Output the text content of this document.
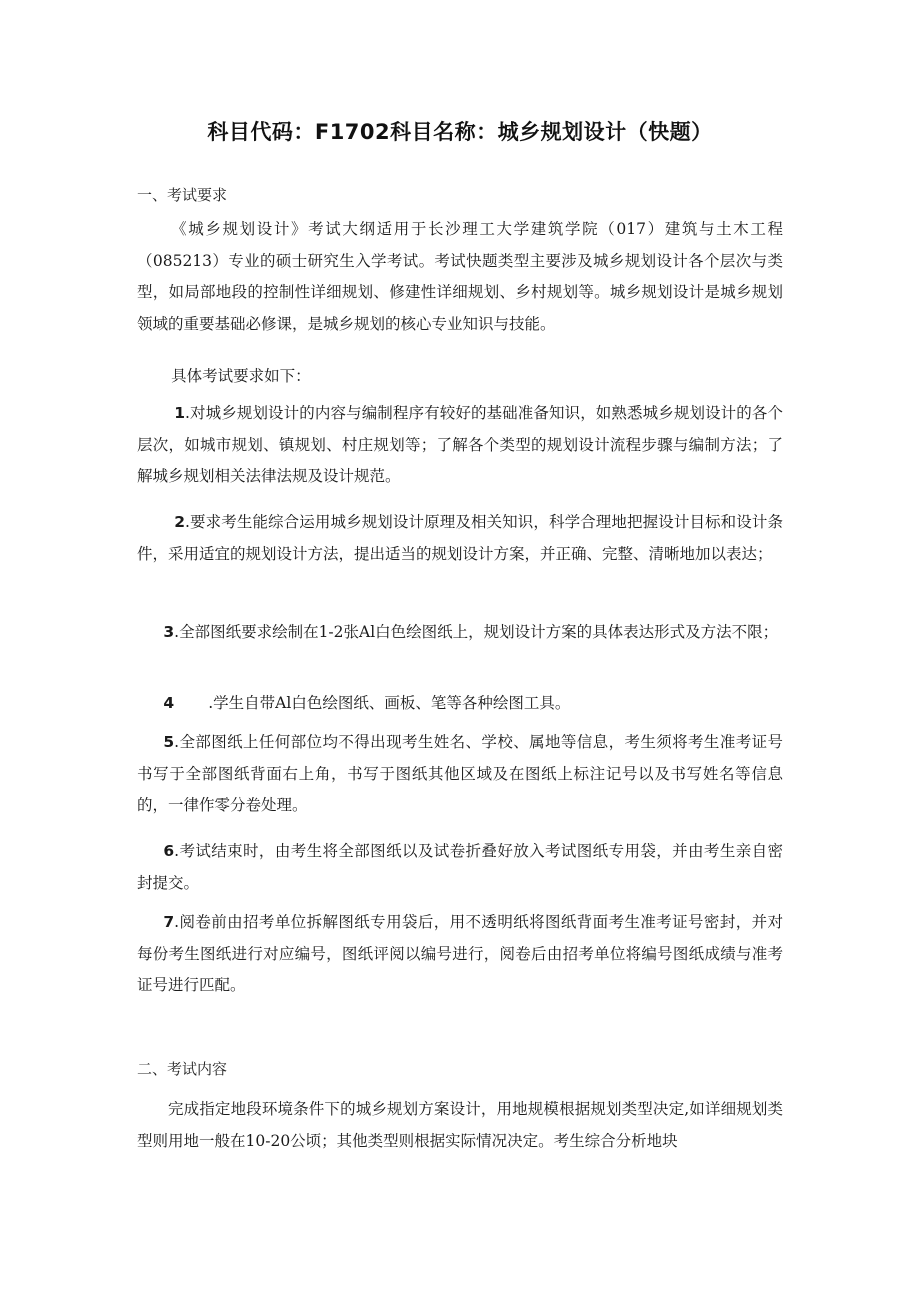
科目代码：F1702科目名称：城乡规划设计（快题）
一、考试要求
《城乡规划设计》考试大纲适用于长沙理工大学建筑学院（017）建筑与土木工程（085213）专业的硕士研究生入学考试。考试快题类型主要涉及城乡规划设计各个层次与类型，如局部地段的控制性详细规划、修建性详细规划、乡村规划等。城乡规划设计是城乡规划领域的重要基础必修课，是城乡规划的核心专业知识与技能。
具体考试要求如下：
1.对城乡规划设计的内容与编制程序有较好的基础准备知识，如熟悉城乡规划设计的各个层次，如城市规划、镇规划、村庄规划等；了解各个类型的规划设计流程步骤与编制方法；了解城乡规划相关法律法规及设计规范。
2.要求考生能综合运用城乡规划设计原理及相关知识，科学合理地把握设计目标和设计条件，采用适宜的规划设计方法，提出适当的规划设计方案，并正确、完整、清晰地加以表达；
3.全部图纸要求绘制在1-2张Al白色绘图纸上，规划设计方案的具体表达形式及方法不限；
4 .学生自带Al白色绘图纸、画板、笔等各种绘图工具。
5.全部图纸上任何部位均不得出现考生姓名、学校、属地等信息，考生须将考生准考证号书写于全部图纸背面右上角，书写于图纸其他区域及在图纸上标注记号以及书写姓名等信息的，一律作零分卷处理。
6.考试结束时，由考生将全部图纸以及试卷折叠好放入考试图纸专用袋，并由考生亲自密封提交。
7.阅卷前由招考单位拆解图纸专用袋后，用不透明纸将图纸背面考生准考证号密封，并对每份考生图纸进行对应编号，图纸评阅以编号进行，阅卷后由招考单位将编号图纸成绩与准考证号进行匹配。
二、考试内容
完成指定地段环境条件下的城乡规划方案设计，用地规模根据规划类型决定,如详细规划类型则用地一般在10-20公顷；其他类型则根据实际情况决定。考生综合分析地块
